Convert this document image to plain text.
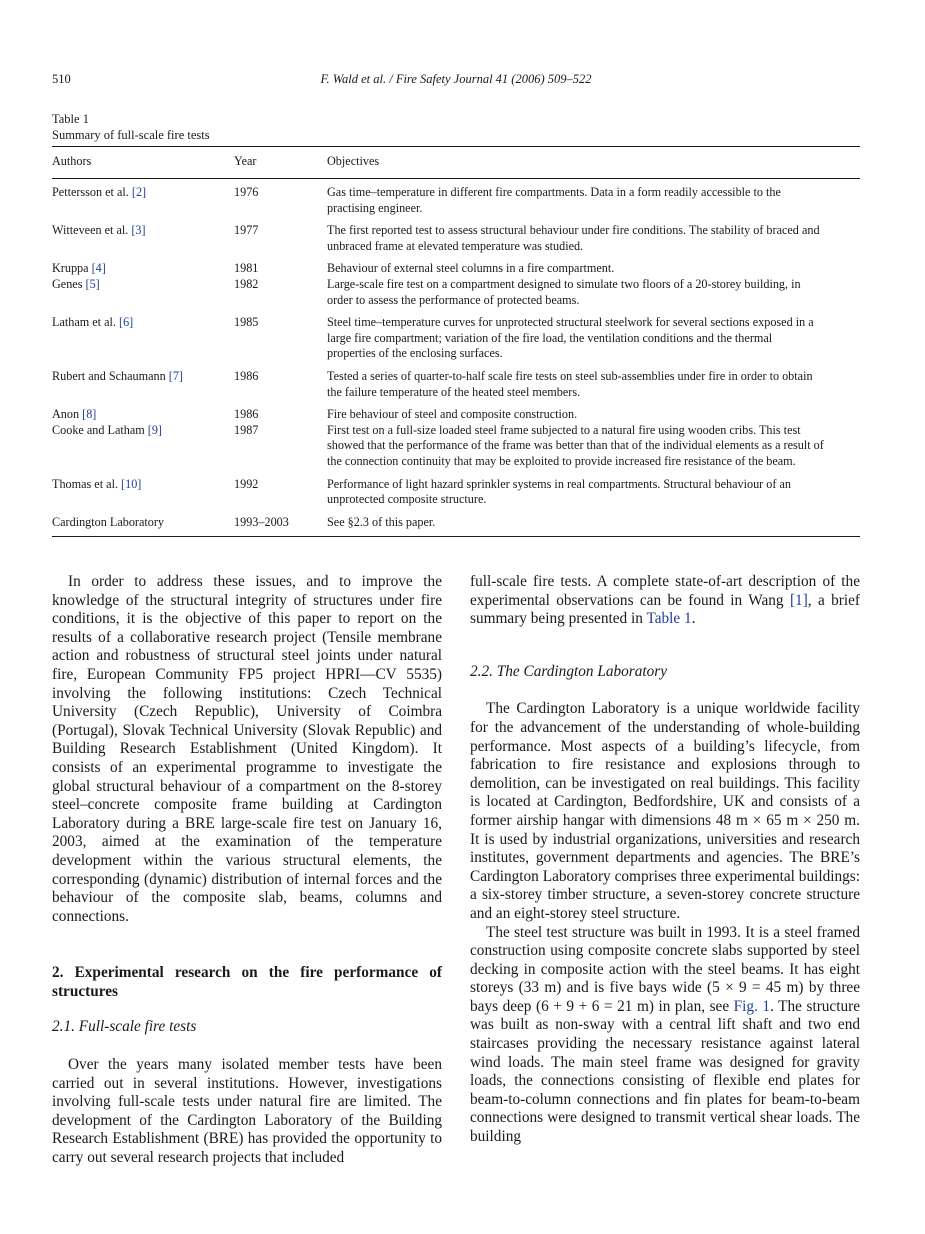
510	F. Wald et al. / Fire Safety Journal 41 (2006) 509–522
Table 1
Summary of full-scale fire tests
Authors	Year	Objectives
Pettersson et al. [2]	1976	Gas time–temperature in different fire compartments. Data in a form readily accessible to the
practising engineer.
Witteveen et al. [3]	1977	The first reported test to assess structural behaviour under fire conditions. The stability of braced and
unbraced frame at elevated temperature was studied.
Kruppa [4]	1981	Behaviour of external steel columns in a fire compartment.
Genes [5]	1982	Large-scale fire test on a compartment designed to simulate two floors of a 20-storey building, in
order to assess the performance of protected beams.
Latham et al. [6]	1985	Steel time–temperature curves for unprotected structural steelwork for several sections exposed in a
large fire compartment; variation of the fire load, the ventilation conditions and the thermal
properties of the enclosing surfaces.
Rubert and Schaumann [7]	1986	Tested a series of quarter-to-half scale fire tests on steel sub-assemblies under fire in order to obtain
the failure temperature of the heated steel members.
Anon [8]	1986	Fire behaviour of steel and composite construction.
Cooke and Latham [9]	1987	First test on a full-size loaded steel frame subjected to a natural fire using wooden cribs. This test
showed that the performance of the frame was better than that of the individual elements as a result of
the connection continuity that may be exploited to provide increased fire resistance of the beam.
Thomas et al. [10]	1992	Performance of light hazard sprinkler systems in real compartments. Structural behaviour of an
unprotected composite structure.
Cardington Laboratory	1993–2003	See §2.3 of this paper.

In order to address these issues, and to improve the knowledge of the structural integrity of structures under fire conditions, it is the objective of this paper to report on the results of a collaborative research project (Tensile membrane action and robustness of structural steel joints under natural fire, European Community FP5 project HPRI—CV 5535) involving the following institutions: Czech Technical University (Czech Republic), University of Coimbra (Portugal), Slovak Technical University (Slovak Republic) and Building Research Establishment (United Kingdom). It consists of an experimental programme to investigate the global structural behaviour of a compartment on the 8-storey steel–concrete composite frame building at Cardington Laboratory during a BRE large-scale fire test on January 16, 2003, aimed at the examination of the temperature development within the various structural elements, the corresponding (dynamic) distribution of internal forces and the behaviour of the composite slab, beams, columns and connections.

2. Experimental research on the fire performance of structures

2.1. Full-scale fire tests

Over the years many isolated member tests have been carried out in several institutions. However, investigations involving full-scale tests under natural fire are limited. The development of the Cardington Laboratory of the Building Research Establishment (BRE) has provided the opportunity to carry out several research projects that included

full-scale fire tests. A complete state-of-art description of the experimental observations can be found in Wang [1], a brief summary being presented in Table 1.

2.2. The Cardington Laboratory

The Cardington Laboratory is a unique worldwide facility for the advancement of the understanding of whole-building performance. Most aspects of a building’s lifecycle, from fabrication to fire resistance and explosions through to demolition, can be investigated on real buildings. This facility is located at Cardington, Bedfordshire, UK and consists of a former airship hangar with dimensions 48 m × 65 m × 250 m. It is used by industrial organizations, universities and research institutes, government departments and agencies. The BRE’s Cardington Laboratory comprises three experimental buildings: a six-storey timber structure, a seven-storey concrete structure and an eight-storey steel structure.

The steel test structure was built in 1993. It is a steel framed construction using composite concrete slabs supported by steel decking in composite action with the steel beams. It has eight storeys (33 m) and is five bays wide (5 × 9 = 45 m) by three bays deep (6 + 9 + 6 = 21 m) in plan, see Fig. 1. The structure was built as non-sway with a central lift shaft and two end staircases providing the necessary resistance against lateral wind loads. The main steel frame was designed for gravity loads, the connections consisting of flexible end plates for beam-to-column connections and fin plates for beam-to-beam connections were designed to transmit vertical shear loads. The building
